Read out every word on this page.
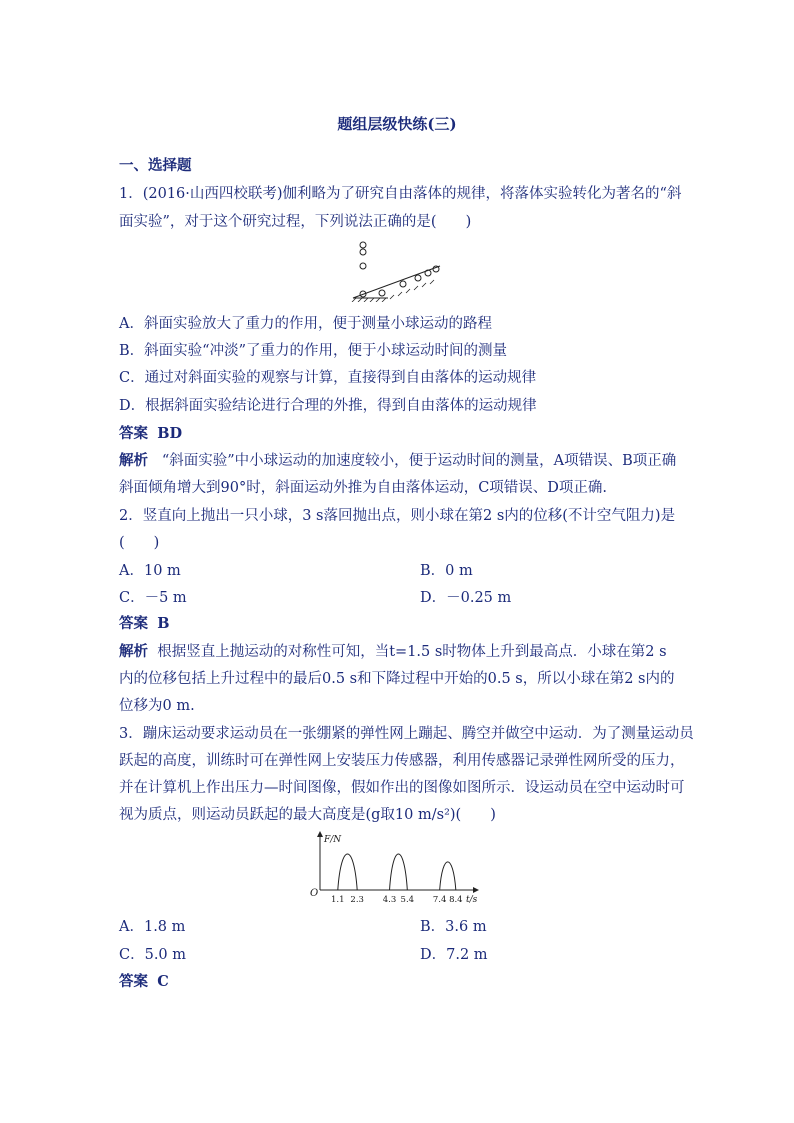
题组层级快练(三)
一、选择题
1．(2016·山西四校联考)伽利略为了研究自由落体的规律，将落体实验转化为著名的“斜
面实验”，对于这个研究过程，下列说法正确的是(　　)
A．斜面实验放大了重力的作用，便于测量小球运动的路程
B．斜面实验“冲淡”了重力的作用，便于小球运动时间的测量
C．通过对斜面实验的观察与计算，直接得到自由落体的运动规律
D．根据斜面实验结论进行合理的外推，得到自由落体的运动规律
答案 BD
解析 “斜面实验”中小球运动的加速度较小，便于运动时间的测量，A项错误、B项正确
斜面倾角增大到90°时，斜面运动外推为自由落体运动，C项错误、D项正确.
2．竖直向上抛出一只小球，3 s落回抛出点，则小球在第2 s内的位移(不计空气阻力)是
(　　)
A．10 m	B．0 m
C．－5 m	D．－0.25 m
答案 B
解析 根据竖直上抛运动的对称性可知，当t=1.5 s时物体上升到最高点．小球在第2 s
内的位移包括上升过程中的最后0.5 s和下降过程中开始的0.5 s，所以小球在第2 s内的
位移为0 m.
3．蹦床运动要求运动员在一张绷紧的弹性网上蹦起、腾空并做空中运动．为了测量运动员
跃起的高度，训练时可在弹性网上安装压力传感器，利用传感器记录弹性网所受的压力，
并在计算机上作出压力—时间图像，假如作出的图像如图所示．设运动员在空中运动时可
视为质点，则运动员跃起的最大高度是(g取10 m/s²)(　　)
F/N
O
t/s
1.1 2.3 4.3 5.4 7.4 8.4
A．1.8 m	B．3.6 m
C．5.0 m	D．7.2 m
答案 C
